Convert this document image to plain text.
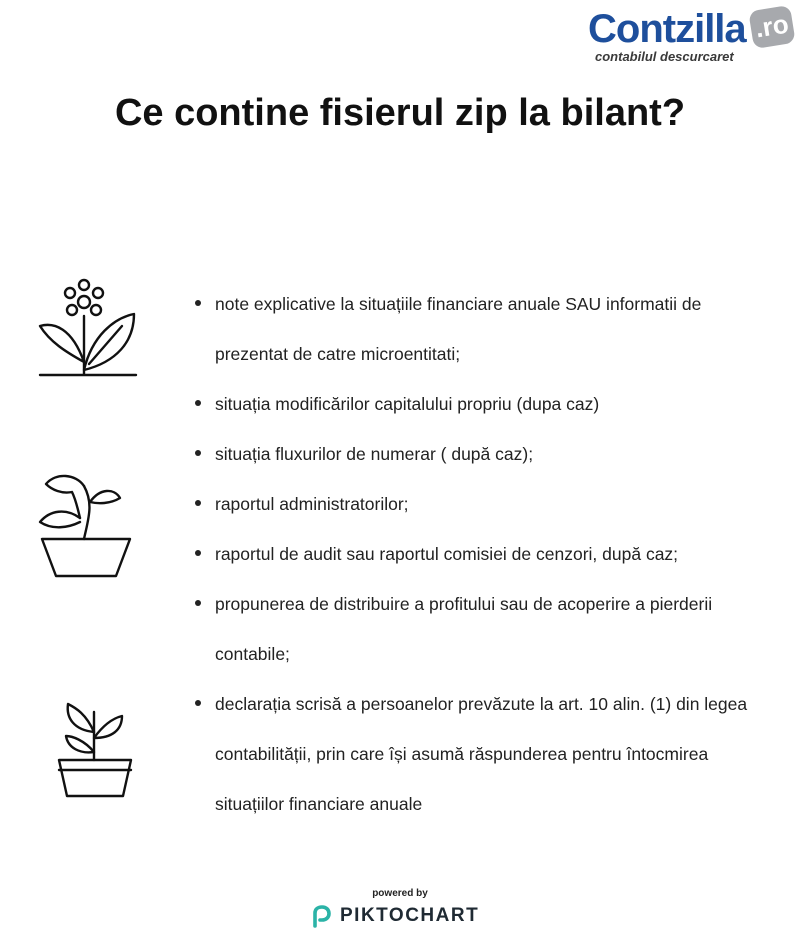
Contzilla .ro
contabilul descurcaret
Ce contine fisierul zip la bilant?
note explicative la situațiile financiare anuale SAU informatii de prezentat de catre microentitati;
situația modificărilor capitalului propriu (dupa caz)
situația fluxurilor de numerar ( după caz);
raportul administratorilor;
raportul de audit sau raportul comisiei de cenzori, după caz;
propunerea de distribuire a profitului sau de acoperire a pierderii contabile;
declarația scrisă a persoanelor prevăzute la art. 10 alin. (1) din legea contabilității, prin care își asumă răspunderea pentru întocmirea situațiilor financiare anuale
powered by
PIKTOCHART
